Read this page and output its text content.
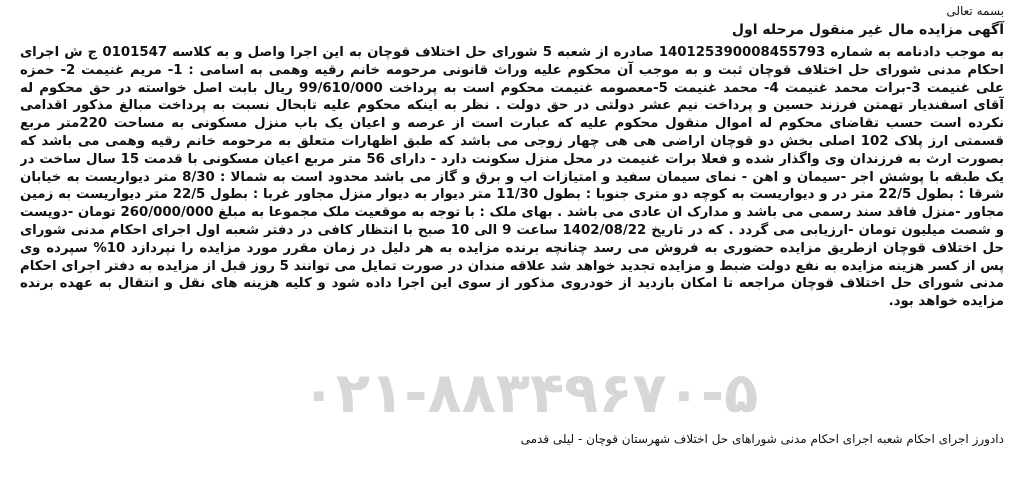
بسمه تعالی
آگهی مزایده مال غیر منقول مرحله اول
۰۲۱-۸۸۳۴۹۶۷۰-۵
به موجب دادنامه به شماره 140125390008455793 صادره از شعبه 5 شورای حل اختلاف قوچان به این اجرا واصل و به کلاسه 0101547 ج ش اجرای احکام مدنی شورای حل اختلاف قوچان ثبت و به موجب آن محکوم علیه وراث قانونی مرحومه خانم رقیه وهمی به اسامی : 1- مریم غنیمت 2- حمزه علی غنیمت 3-برات محمد غنیمت 4- محمد غنیمت 5-معصومه غنیمت محکوم است به پرداخت 99/610/000 ریال بابت اصل خواسته در حق محکوم له آقای اسفندیار تهمتن فرزند حسین و پرداخت نیم عشر دولتی در حق دولت . نظر به اینکه محکوم علیه تابحال نسبت به پرداخت مبالغ مذکور اقدامی نکرده است حسب تقاضای محکوم له اموال منقول محکوم علیه که عبارت است از عرصه و اعیان یک باب منزل مسکونی به مساحت 220متر مربع قسمتی ارز پلاک 102 اصلی بخش دو قوچان اراضی هی هی چهار زوجی می باشد که طبق اظهارات متعلق به مرحومه خانم رقیه وهمی می باشد که بصورت ارث به فرزندان وی واگذار شده و فعلا برات غنیمت در محل منزل سکونت دارد - دارای 56 متر مربع اعیان مسکونی با قدمت 15 سال ساخت در یک طبقه با پوشش اجر -سیمان و اهن - نمای سیمان سفید و امتیازات اب و برق و گاز می باشد محدود است به شمالا : 8/30 متر دیواریست به خیابان شرقا : بطول 22/5 متر در و دیواریست به کوچه دو متری جنوبا : بطول 11/30 متر دیوار به دیوار منزل مجاور غربا : بطول 22/5 متر دیواریست به زمین مجاور -منزل فاقد سند رسمی می باشد و مدارک ان عادی می باشد . بهای ملک : با توجه به موقعیت ملک مجموعا به مبلغ 260/000/000 تومان -دویست و شصت میلیون تومان -ارزیابی می گردد . که در تاریخ 1402/08/22 ساعت 9 الی 10 صبح با انتظار کافی در دفتر شعبه اول اجرای احکام مدنی شورای حل اختلاف قوچان ازطریق مزایده حضوری به فروش می رسد چنانچه برنده مزایده به هر دلیل در زمان مقرر مورد مزایده را نپردازد 10% سپرده وی پس از کسر هزینه مزایده به نفع دولت ضبط و مزایده تجدید خواهد شد علاقه مندان در صورت تمایل می توانند 5 روز قبل از مزایده به دفتر اجرای احکام مدنی شورای حل اختلاف قوچان مراجعه تا امکان بازدید از خودروی مذکور از سوی این اجرا داده شود و کلیه هزینه های نقل و انتقال به عهده برنده مزایده خواهد بود.
دادورز اجرای احکام شعبه اجرای احکام مدنی شوراهای حل اختلاف شهرستان قوچان - لیلی قدمی
